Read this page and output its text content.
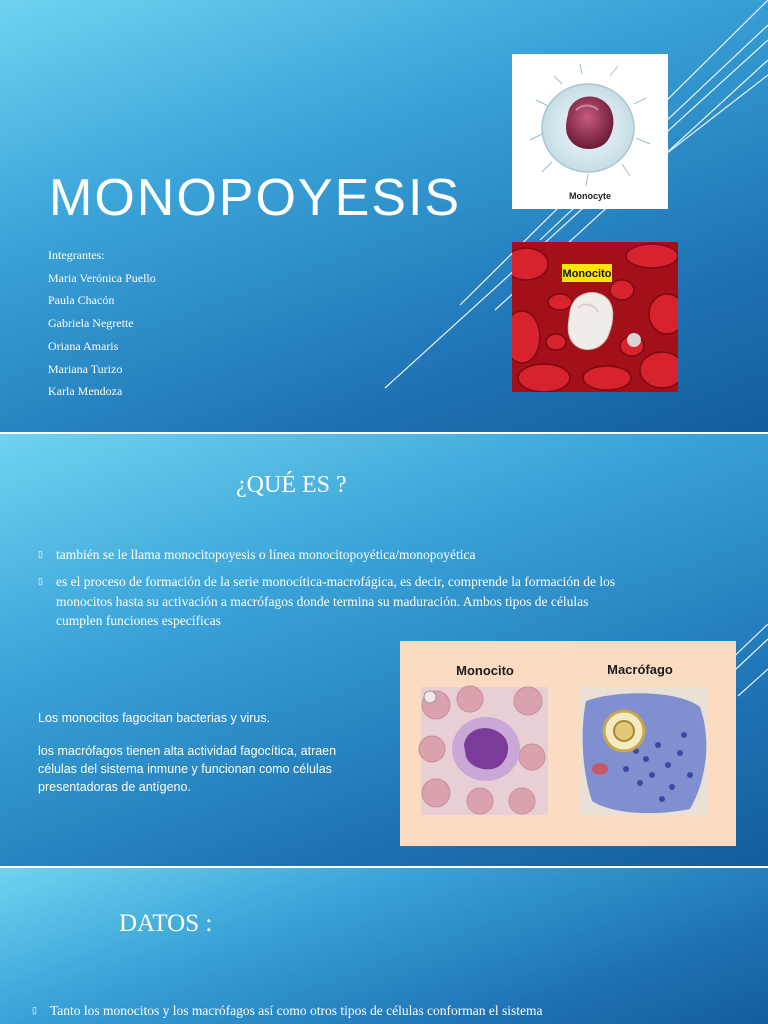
MONOPOYESIS
Integrantes:
Maria Verónica Puello
Paula Chacón
Gabriela Negrette
Oriana Amaris
Mariana Turizo
Karla Mendoza
Monocyte
Monocito
¿QUÉ ES ?
▯ también se le llama monocitopoyesis o línea monocitopoyética/monopoyética
▯ es el proceso de formación de la serie monocítica-macrofágica, es decir, comprende la formación de los monocitos hasta su activación a macrófagos donde termina su maduración. Ambos tipos de células cumplen funciones específicas
Los monocitos fagocitan bacterias y virus.
los macrófagos tienen alta actividad fagocítica, atraen células del sistema inmune y funcionan como células presentadoras de antígeno.
Monocito	Macrófago
DATOS :
▯ Tanto los monocitos y los macrófagos así como otros tipos de células conforman el sistema
